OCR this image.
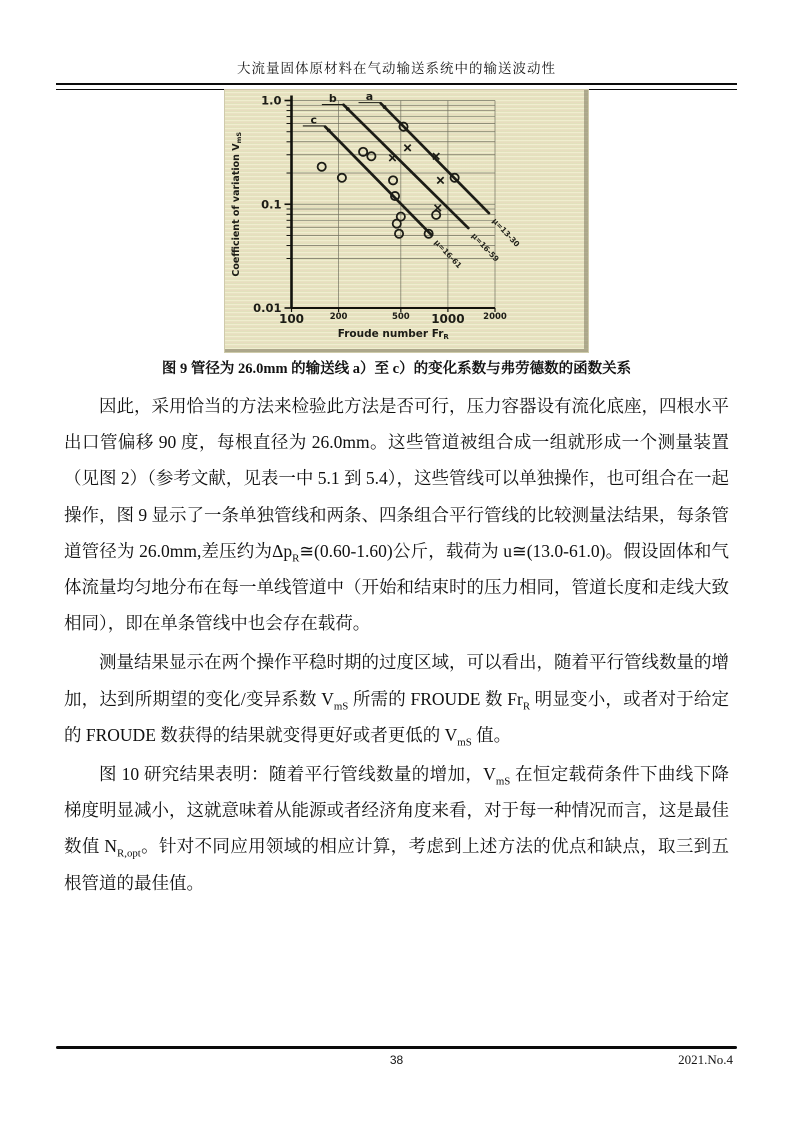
大流量固体原材料在气动输送系统中的输送波动性
1.0
0.1
0.01
100	200	500 1000 2000
Coefficient of variation $V_{mS}$
Froude number FrR
a
μ=13-30
b
μ=16-59
c
μ=16-61
图 9 管径为 26.0mm 的输送线 a）至 c）的变化系数与弗劳德数的函数关系

因此，采用恰当的方法来检验此方法是否可行，压力容器设有流化底座，四根水平出口管偏移 90 度，每根直径为 26.0mm。这些管道被组合成一组就形成一个测量装置（见图 2）（参考文献，见表一中 5.1 到 5.4），这些管线可以单独操作，也可组合在一起操作，图 9 显示了一条单独管线和两条、四条组合平行管线的比较测量法结果，每条管道管径为 26.0mm,差压约为$\Delta p_R≅(0.60-1.60)$公斤，载荷为 u≅(13.0-61.0)。假设固体和气体流量均匀地分布在每一单线管道中（开始和结束时的压力相同，管道长度和走线大致相同），即在单条管线中也会存在载荷。

测量结果显示在两个操作平稳时期的过度区域，可以看出，随着平行管线数量的增加，达到所期望的变化/变异系数 $V_{mS}$ 所需的 FROUDE 数 $Fr_R$ 明显变小，或者对于给定的 FROUDE 数获得的结果就变得更好或者更低的 $V_{mS}$ 值。

图 10 研究结果表明：随着平行管线数量的增加，$V_{mS}$ 在恒定载荷条件下曲线下降梯度明显减小，这就意味着从能源或者经济角度来看，对于每一种情况而言，这是最佳数值 $N_{R,opt}$。针对不同应用领域的相应计算，考虑到上述方法的优点和缺点，取三到五根管道的最佳值。

38	2021.No.4
